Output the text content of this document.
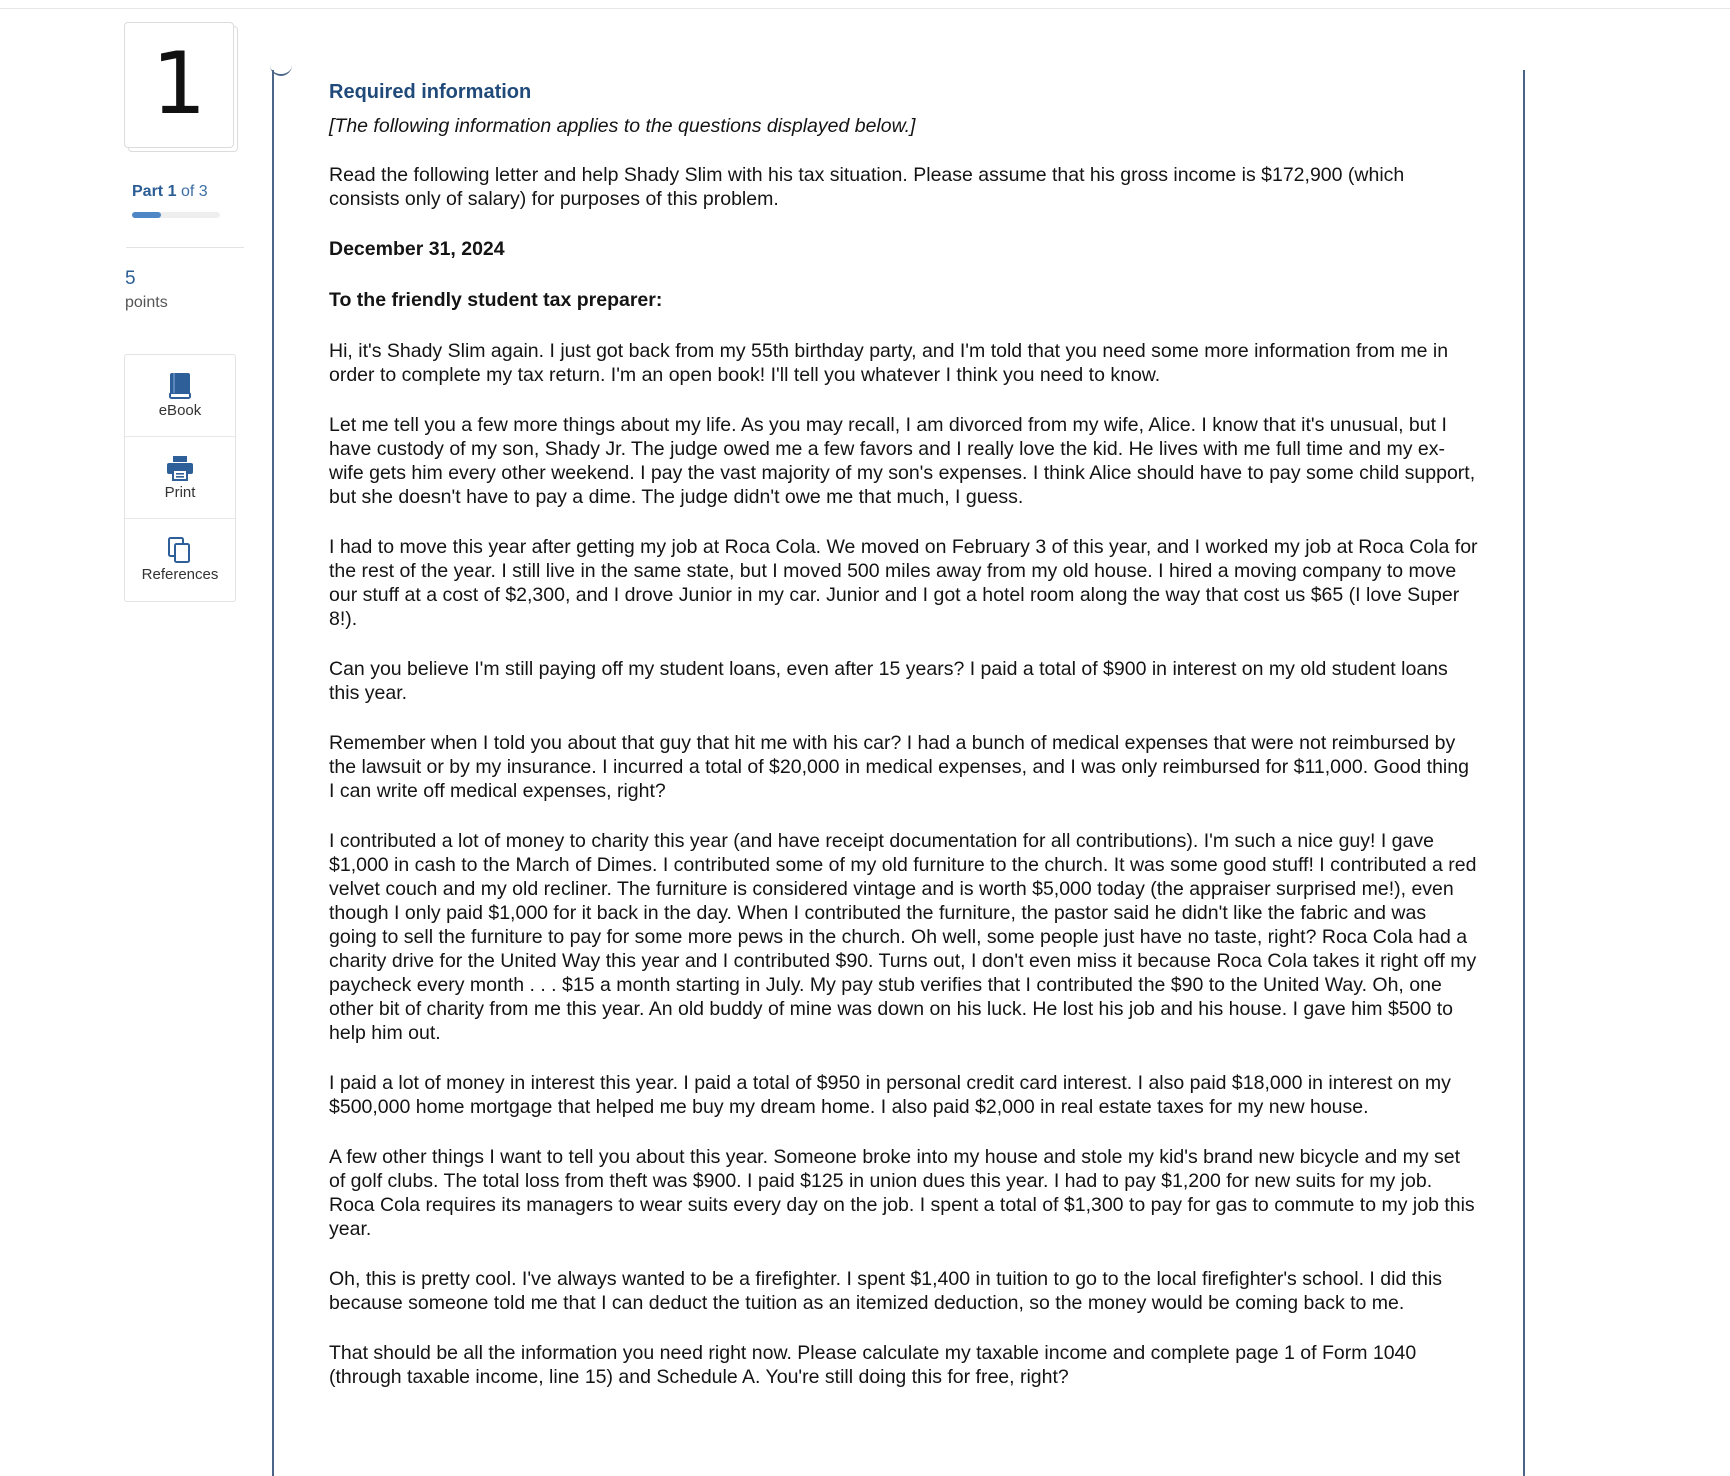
1
Part 1 of 3
5
points
eBook
Print
References
Required information
[The following information applies to the questions displayed below.]

Read the following letter and help Shady Slim with his tax situation. Please assume that his gross income is $172,900 (which consists only of salary) for purposes of this problem.

December 31, 2024

To the friendly student tax preparer:

Hi, it's Shady Slim again. I just got back from my 55th birthday party, and I'm told that you need some more information from me in order to complete my tax return. I'm an open book! I'll tell you whatever I think you need to know.

Let me tell you a few more things about my life. As you may recall, I am divorced from my wife, Alice. I know that it's unusual, but I have custody of my son, Shady Jr. The judge owed me a few favors and I really love the kid. He lives with me full time and my ex-wife gets him every other weekend. I pay the vast majority of my son's expenses. I think Alice should have to pay some child support, but she doesn't have to pay a dime. The judge didn't owe me that much, I guess.

I had to move this year after getting my job at Roca Cola. We moved on February 3 of this year, and I worked my job at Roca Cola for the rest of the year. I still live in the same state, but I moved 500 miles away from my old house. I hired a moving company to move our stuff at a cost of $2,300, and I drove Junior in my car. Junior and I got a hotel room along the way that cost us $65 (I love Super 8!).

Can you believe I'm still paying off my student loans, even after 15 years? I paid a total of $900 in interest on my old student loans this year.

Remember when I told you about that guy that hit me with his car? I had a bunch of medical expenses that were not reimbursed by the lawsuit or by my insurance. I incurred a total of $20,000 in medical expenses, and I was only reimbursed for $11,000. Good thing I can write off medical expenses, right?

I contributed a lot of money to charity this year (and have receipt documentation for all contributions). I'm such a nice guy! I gave $1,000 in cash to the March of Dimes. I contributed some of my old furniture to the church. It was some good stuff! I contributed a red velvet couch and my old recliner. The furniture is considered vintage and is worth $5,000 today (the appraiser surprised me!), even though I only paid $1,000 for it back in the day. When I contributed the furniture, the pastor said he didn't like the fabric and was going to sell the furniture to pay for some more pews in the church. Oh well, some people just have no taste, right? Roca Cola had a charity drive for the United Way this year and I contributed $90. Turns out, I don't even miss it because Roca Cola takes it right off my paycheck every month . . . $15 a month starting in July. My pay stub verifies that I contributed the $90 to the United Way. Oh, one other bit of charity from me this year. An old buddy of mine was down on his luck. He lost his job and his house. I gave him $500 to help him out.

I paid a lot of money in interest this year. I paid a total of $950 in personal credit card interest. I also paid $18,000 in interest on my $500,000 home mortgage that helped me buy my dream home. I also paid $2,000 in real estate taxes for my new house.

A few other things I want to tell you about this year. Someone broke into my house and stole my kid's brand new bicycle and my set of golf clubs. The total loss from theft was $900. I paid $125 in union dues this year. I had to pay $1,200 for new suits for my job. Roca Cola requires its managers to wear suits every day on the job. I spent a total of $1,300 to pay for gas to commute to my job this year.

Oh, this is pretty cool. I've always wanted to be a firefighter. I spent $1,400 in tuition to go to the local firefighter's school. I did this because someone told me that I can deduct the tuition as an itemized deduction, so the money would be coming back to me.

That should be all the information you need right now. Please calculate my taxable income and complete page 1 of Form 1040 (through taxable income, line 15) and Schedule A. You're still doing this for free, right?
